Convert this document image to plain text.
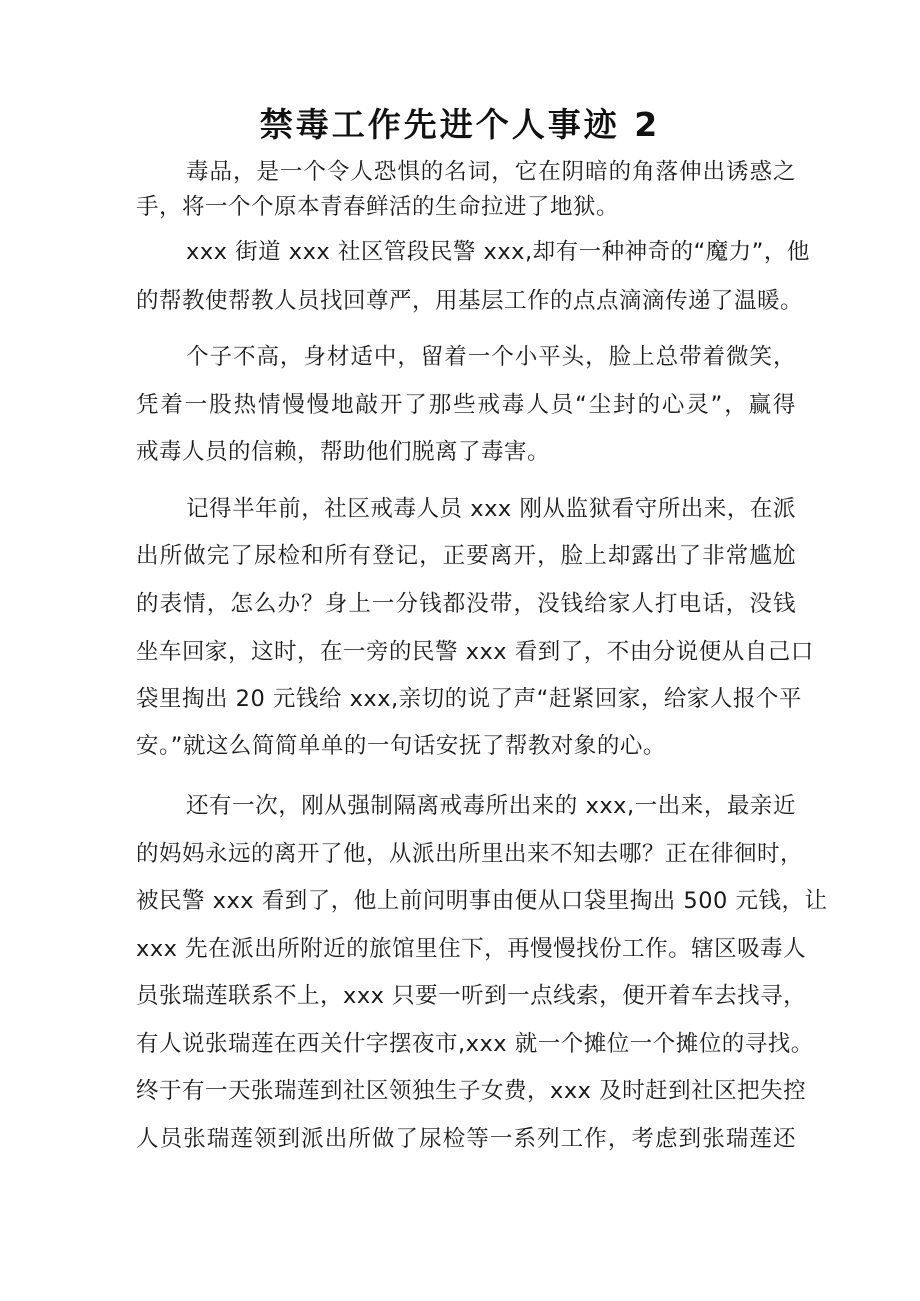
禁毒工作先进个人事迹 2
毒品，是一个令人恐惧的名词，它在阴暗的角落伸出诱惑之
手，将一个个原本青春鲜活的生命拉进了地狱。
xxx 街道 xxx 社区管段民警 xxx,却有一种神奇的“魔力”，他
的帮教使帮教人员找回尊严，用基层工作的点点滴滴传递了温暖。
个子不高，身材适中，留着一个小平头，脸上总带着微笑，
凭着一股热情慢慢地敲开了那些戒毒人员“尘封的心灵”，赢得
戒毒人员的信赖，帮助他们脱离了毒害。
记得半年前，社区戒毒人员 xxx 刚从监狱看守所出来，在派
出所做完了尿检和所有登记，正要离开，脸上却露出了非常尴尬
的表情，怎么办？身上一分钱都没带，没钱给家人打电话，没钱
坐车回家，这时，在一旁的民警 xxx 看到了，不由分说便从自己口
袋里掏出 20 元钱给 xxx,亲切的说了声“赶紧回家，给家人报个平
安。”就这么简简单单的一句话安抚了帮教对象的心。
还有一次，刚从强制隔离戒毒所出来的 xxx,一出来，最亲近
的妈妈永远的离开了他，从派出所里出来不知去哪？正在徘徊时，
被民警 xxx 看到了，他上前问明事由便从口袋里掏出 500 元钱，让
xxx 先在派出所附近的旅馆里住下，再慢慢找份工作。辖区吸毒人
员张瑞莲联系不上，xxx 只要一听到一点线索，便开着车去找寻，
有人说张瑞莲在西关什字摆夜市,xxx 就一个摊位一个摊位的寻找。
终于有一天张瑞莲到社区领独生子女费，xxx 及时赶到社区把失控
人员张瑞莲领到派出所做了尿检等一系列工作，考虑到张瑞莲还
